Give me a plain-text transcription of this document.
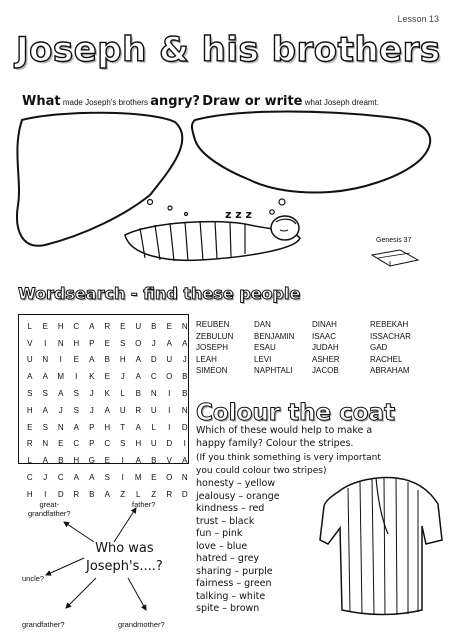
Lesson 13
Joseph & his brothers
What made Joseph's brothers angry? Draw or write what Joseph dreamt.
z z z
Genesis 37
Wordsearch - find these people
L	E	H	C	A	R	E	U	B	E	N
V	I	N	H	P	E	S	O	J	A	A
U	N	I	E	A	B	H	A	D	U	J
A	A	M	I	K	E	J	A	C	O	B
S	S	A	S	J	K	L	B	N	I	B
H	A	J	S	J	A	U	R	U	I	N
E	S	N	A	P	H	T	A	L	I	D
R	N	E	C	P	C	S	H	U	D	I
L	A	B	H	G	E	I	A	B	V	A
C	J	C	A	A	S	I	M	E	O	N
H	I	D	R	B	A	Z	L	Z	R	D
REUBEN	DAN	DINAH	REBEKAH
ZEBULUN	BENJAMIN	ISAAC	ISSACHAR
JOSEPH	ESAU	JUDAH	GAD
LEAH	LEVI	ASHER	RACHEL
SIMEON	NAPHTALI	JACOB	ABRAHAM
Colour the coat
Which of these would help to make a
happy family? Colour the stripes.
(If you think something is very important
you could colour two stripes)
honesty – yellow
jealousy – orange
kindness – red
trust – black
fun – pink
love – blue
hatred – grey
sharing – purple
fairness – green
talking – white
spite – brown
great-
grandfather?
father?
uncle?
grandfather?	grandmother?
Who was
Joseph's....?
